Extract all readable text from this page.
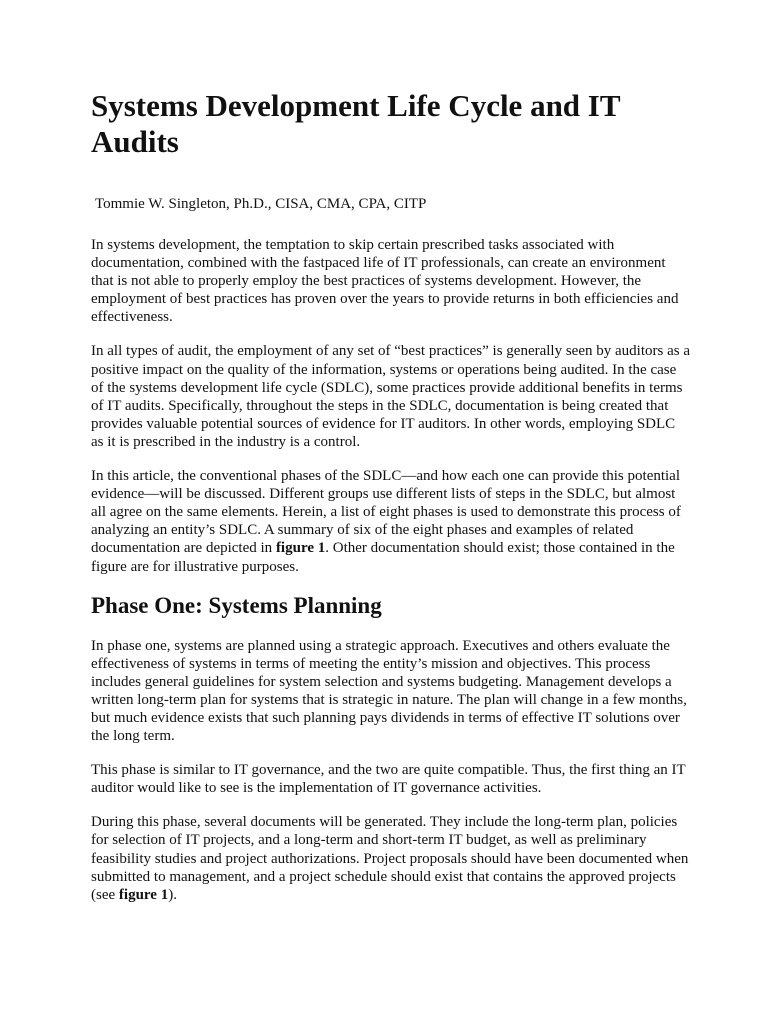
Systems Development Life Cycle and IT Audits
Tommie W. Singleton, Ph.D., CISA, CMA, CPA, CITP

In systems development, the temptation to skip certain prescribed tasks associated with documentation, combined with the fastpaced life of IT professionals, can create an environment that is not able to properly employ the best practices of systems development. However, the employment of best practices has proven over the years to provide returns in both efficiencies and effectiveness.

In all types of audit, the employment of any set of “best practices” is generally seen by auditors as a positive impact on the quality of the information, systems or operations being audited. In the case of the systems development life cycle (SDLC), some practices provide additional benefits in terms of IT audits. Specifically, throughout the steps in the SDLC, documentation is being created that provides valuable potential sources of evidence for IT auditors. In other words, employing SDLC as it is prescribed in the industry is a control.

In this article, the conventional phases of the SDLC—and how each one can provide this potential evidence—will be discussed. Different groups use different lists of steps in the SDLC, but almost all agree on the same elements. Herein, a list of eight phases is used to demonstrate this process of analyzing an entity’s SDLC. A summary of six of the eight phases and examples of related documentation are depicted in figure 1. Other documentation should exist; those contained in the figure are for illustrative purposes.

Phase One: Systems Planning

In phase one, systems are planned using a strategic approach. Executives and others evaluate the effectiveness of systems in terms of meeting the entity’s mission and objectives. This process includes general guidelines for system selection and systems budgeting. Management develops a written long-term plan for systems that is strategic in nature. The plan will change in a few months, but much evidence exists that such planning pays dividends in terms of effective IT solutions over the long term.

This phase is similar to IT governance, and the two are quite compatible. Thus, the first thing an IT auditor would like to see is the implementation of IT governance activities.

During this phase, several documents will be generated. They include the long-term plan, policies for selection of IT projects, and a long-term and short-term IT budget, as well as preliminary feasibility studies and project authorizations. Project proposals should have been documented when submitted to management, and a project schedule should exist that contains the approved projects (see figure 1).
